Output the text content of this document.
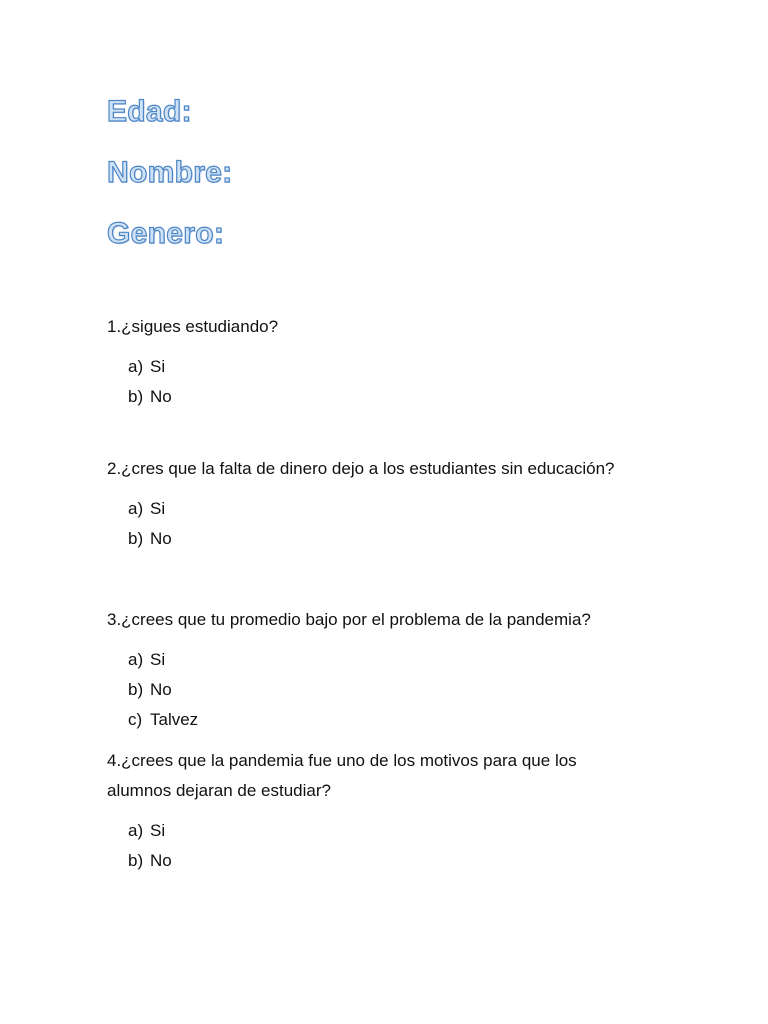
Edad:
Nombre:
Genero:
1.¿sigues estudiando?
a) Si
b) No
2.¿cres que la falta de dinero dejo a los estudiantes sin educación?
a) Si
b) No
3.¿crees que tu promedio bajo por el problema de la pandemia?
a) Si
b) No
c) Talvez
4.¿crees que la pandemia fue uno de los motivos para que los alumnos dejaran de estudiar?
a) Si
b) No
